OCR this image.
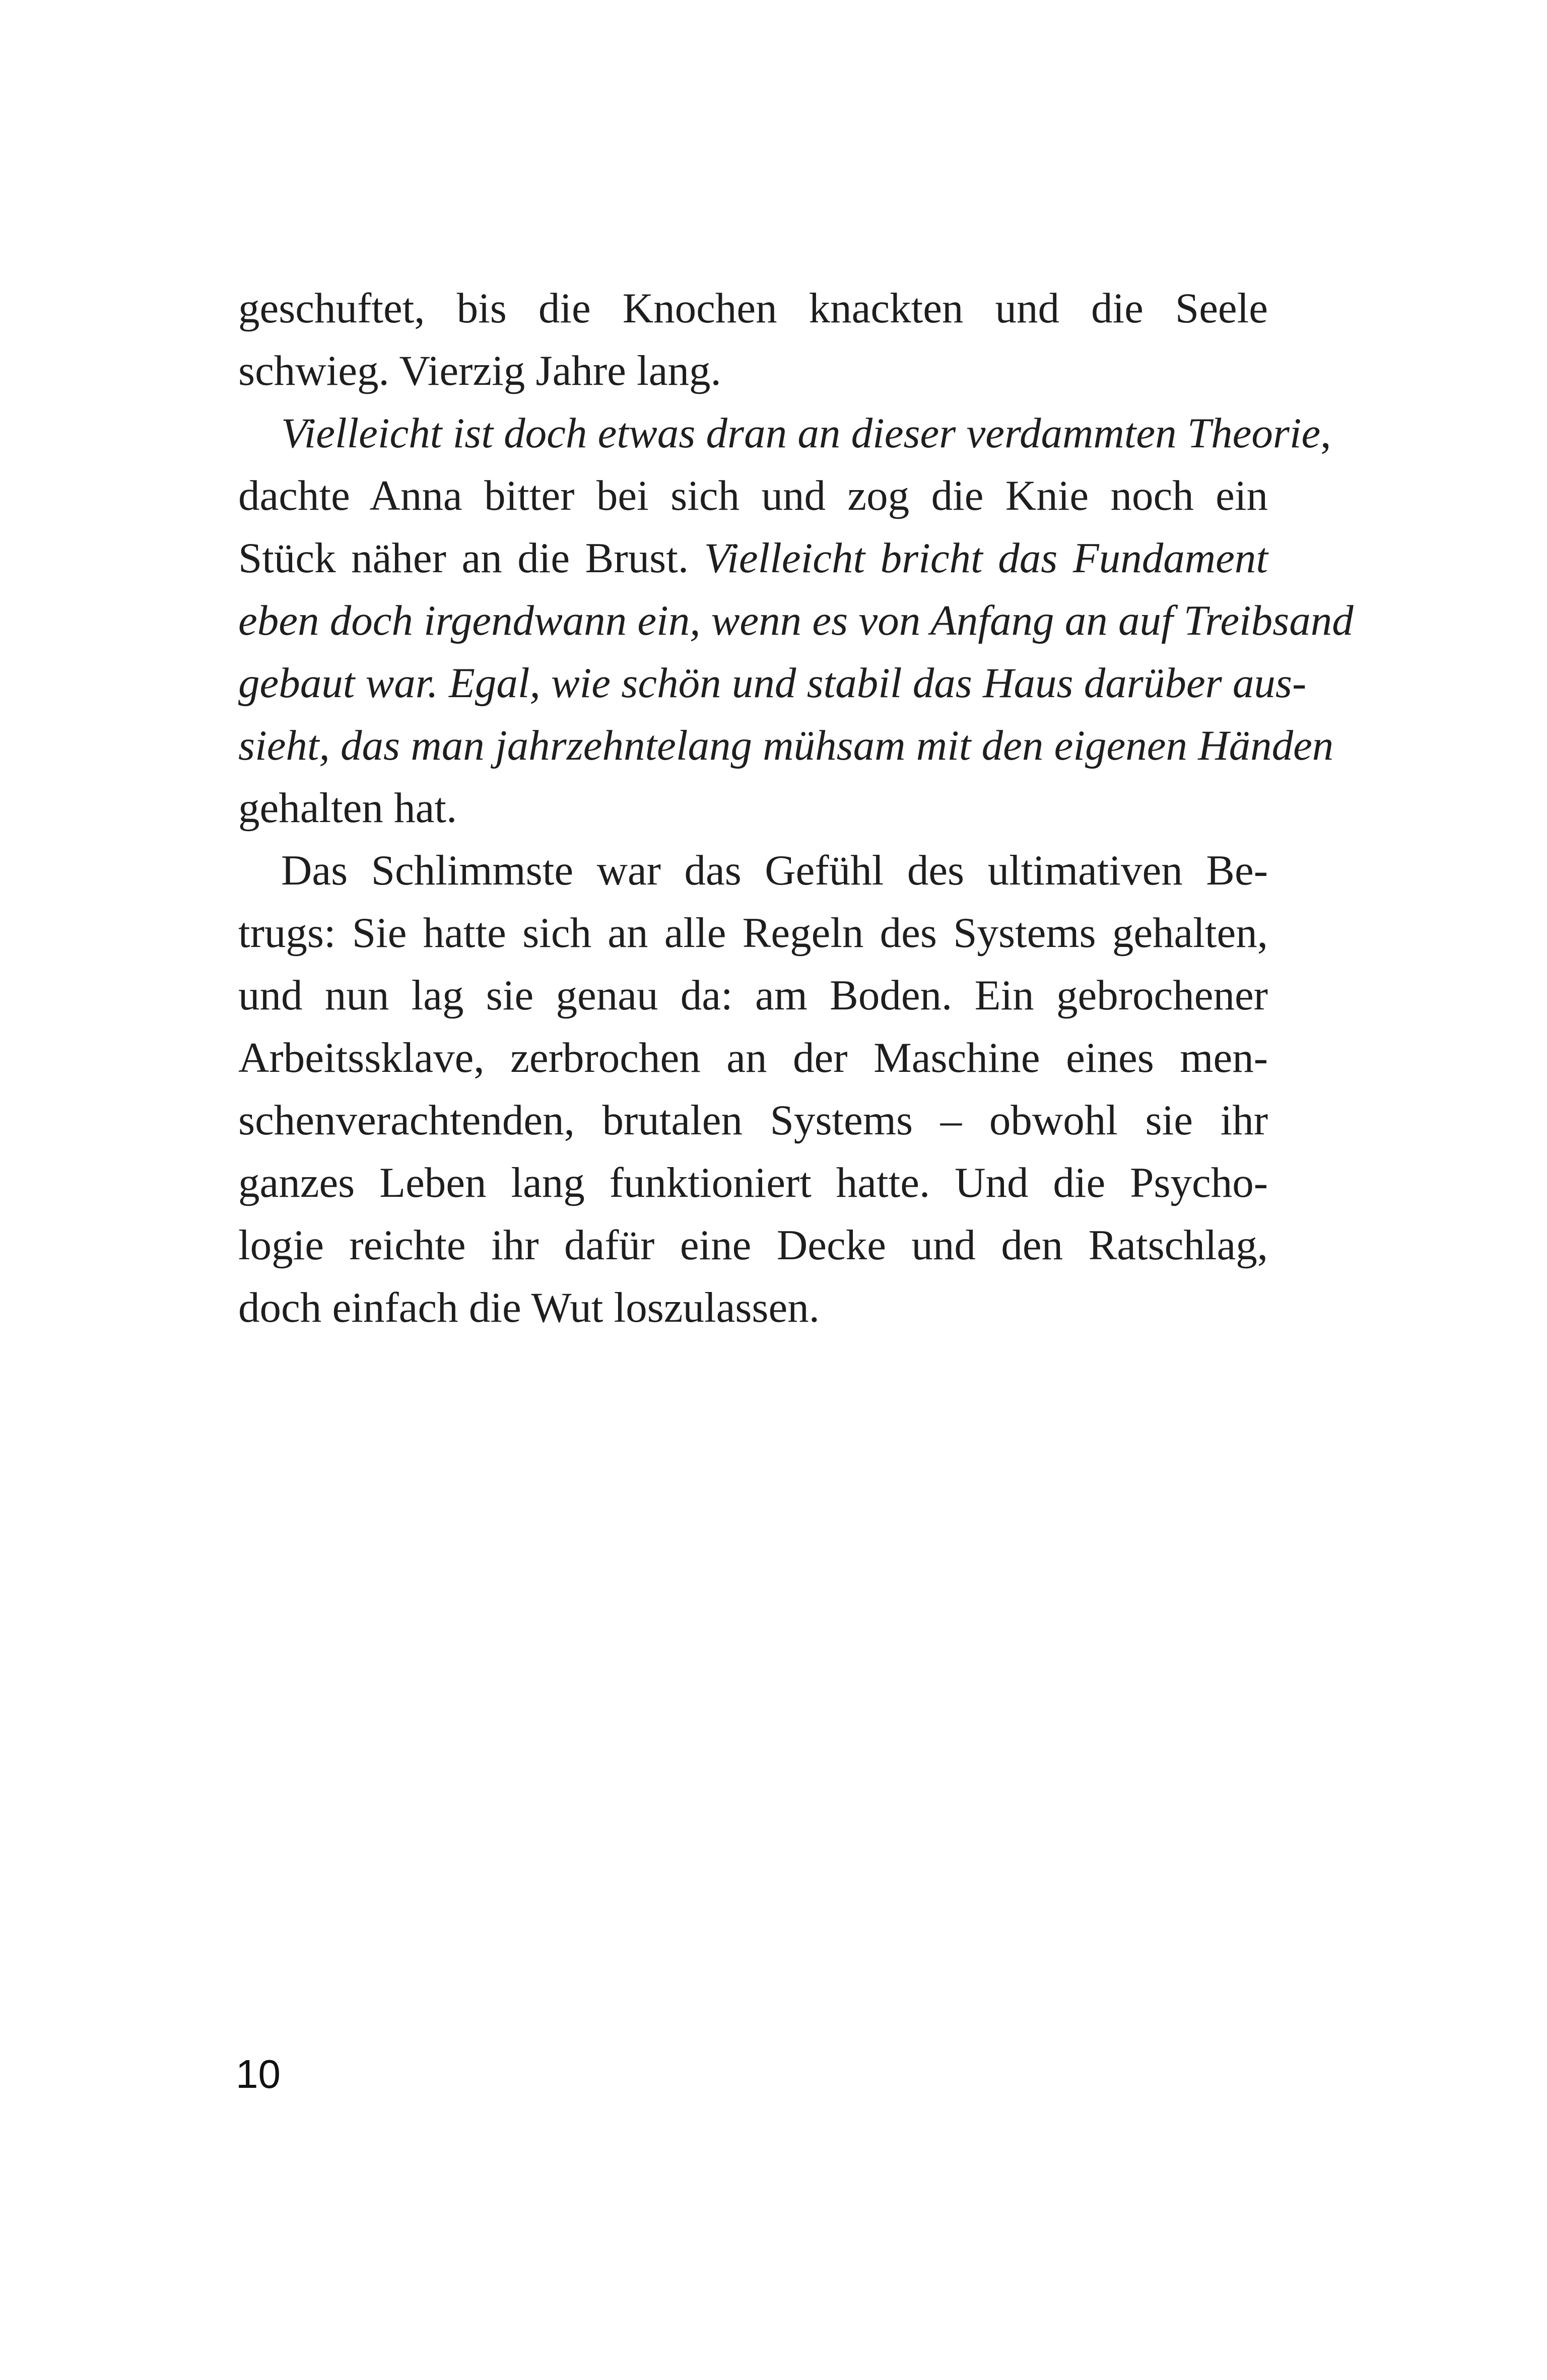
geschuftet, bis die Knochen knackten und die Seele
schwieg. Vierzig Jahre lang.

Vielleicht ist doch etwas dran an dieser verdammten Theorie,
dachte Anna bitter bei sich und zog die Knie noch ein
Stück näher an die Brust. Vielleicht bricht das Fundament
eben doch irgendwann ein, wenn es von Anfang an auf Treibsand
gebaut war. Egal, wie schön und stabil das Haus darüber aus-
sieht, das man jahrzehntelang mühsam mit den eigenen Händen
gehalten hat.

Das Schlimmste war das Gefühl des ultimativen Be-
trugs: Sie hatte sich an alle Regeln des Systems gehalten,
und nun lag sie genau da: am Boden. Ein gebrochener
Arbeitssklave, zerbrochen an der Maschine eines men-
schenverachtenden, brutalen Systems – obwohl sie ihr
ganzes Leben lang funktioniert hatte. Und die Psycho-
logie reichte ihr dafür eine Decke und den Ratschlag,
doch einfach die Wut loszulassen.

10
